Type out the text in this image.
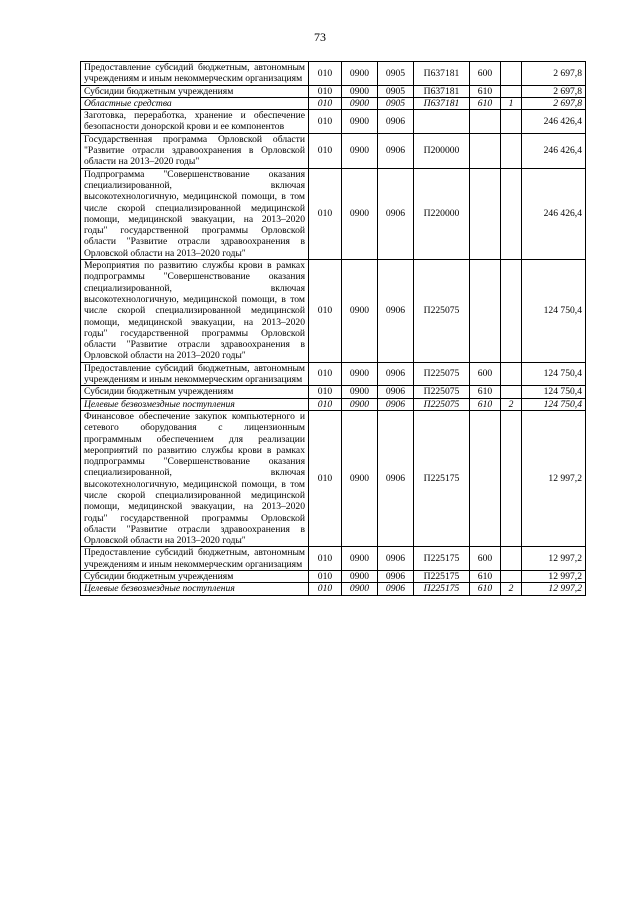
73
Предоставление субсидий бюджетным, автономным учреждениям и иным некоммерческим организациям	010	0900	0905	П637181	600		2 697,8
Субсидии бюджетным учреждениям	010	0900	0905	П637181	610		2 697,8
Областные средства	010	0900	0905	П637181	610	1	2 697,8
Заготовка, переработка, хранение и обеспечение безопасности донорской крови и ее компонентов	010	0900	0906				246 426,4
Государственная программа Орловской области "Развитие отрасли здравоохранения в Орловской области на 2013–2020 годы"	010	0900	0906	П200000			246 426,4
Подпрограмма "Совершенствование оказания специализированной, включая высокотехнологичную, медицинской помощи, в том числе скорой специализированной медицинской помощи, медицинской эвакуации, на 2013–2020 годы" государственной программы Орловской области "Развитие отрасли здравоохранения в Орловской области на 2013–2020 годы"	010	0900	0906	П220000			246 426,4
Мероприятия по развитию службы крови в рамках подпрограммы "Совершенствование оказания специализированной, включая высокотехнологичную, медицинской помощи, в том числе скорой специализированной медицинской помощи, медицинской эвакуации, на 2013–2020 годы" государственной программы Орловской области "Развитие отрасли здравоохранения в Орловской области на 2013–2020 годы"	010	0900	0906	П225075			124 750,4
Предоставление субсидий бюджетным, автономным учреждениям и иным некоммерческим организациям	010	0900	0906	П225075	600		124 750,4
Субсидии бюджетным учреждениям	010	0900	0906	П225075	610		124 750,4
Целевые безвозмездные поступления	010	0900	0906	П225075	610	2	124 750,4
Финансовое обеспечение закупок компьютерного и сетевого оборудования с лицензионным программным обеспечением для реализации мероприятий по развитию службы крови в рамках подпрограммы "Совершенствование оказания специализированной, включая высокотехнологичную, медицинской помощи, в том числе скорой специализированной медицинской помощи, медицинской эвакуации, на 2013–2020 годы" государственной программы Орловской области "Развитие отрасли здравоохранения в Орловской области на 2013–2020 годы"	010	0900	0906	П225175			12 997,2
Предоставление субсидий бюджетным, автономным учреждениям и иным некоммерческим организациям	010	0900	0906	П225175	600		12 997,2
Субсидии бюджетным учреждениям	010	0900	0906	П225175	610		12 997,2
Целевые безвозмездные поступления	010	0900	0906	П225175	610	2	12 997,2
